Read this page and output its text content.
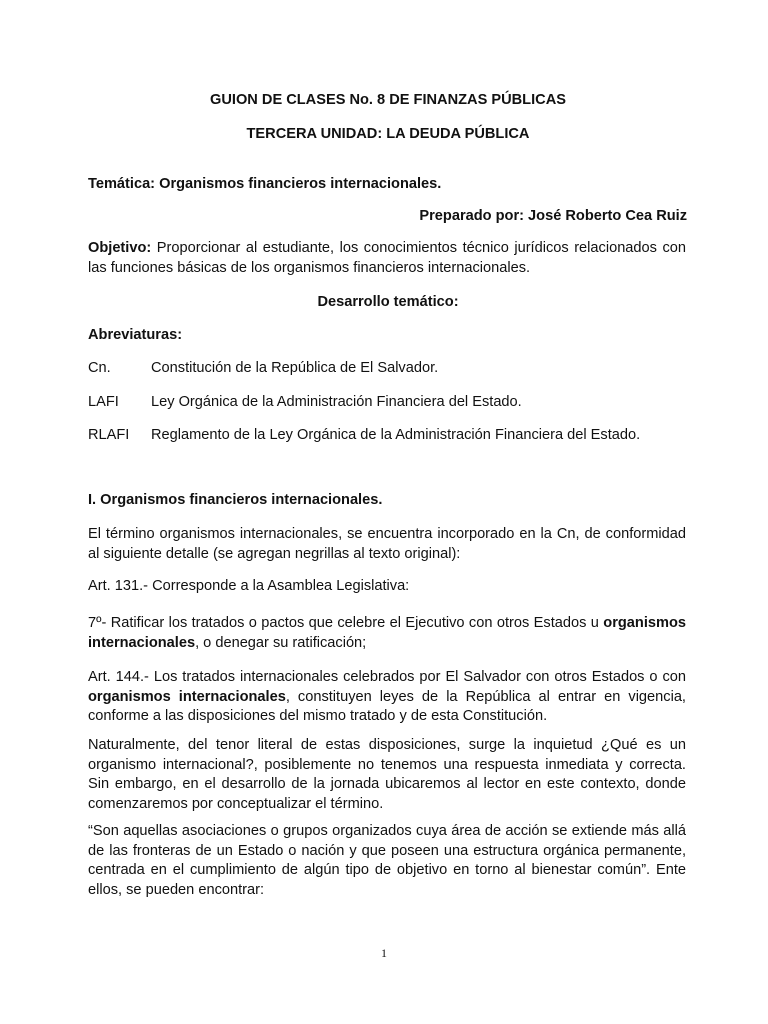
GUION DE CLASES No. 8 DE FINANZAS PÚBLICAS
TERCERA UNIDAD: LA DEUDA PÚBLICA
Temática: Organismos financieros internacionales.
Preparado por: José Roberto Cea Ruiz
Objetivo: Proporcionar al estudiante, los conocimientos técnico jurídicos relacionados con las funciones básicas de los organismos financieros internacionales.
Desarrollo temático:
Abreviaturas:
Cn.	Constitución de la República de El Salvador.
LAFI Ley Orgánica de la Administración Financiera del Estado.
RLAFI Reglamento de la Ley Orgánica de la Administración Financiera del Estado.
I. Organismos financieros internacionales.
El término organismos internacionales, se encuentra incorporado en la Cn, de conformidad al siguiente detalle (se agregan negrillas al texto original):
Art. 131.- Corresponde a la Asamblea Legislativa:
7º- Ratificar los tratados o pactos que celebre el Ejecutivo con otros Estados u organismos internacionales, o denegar su ratificación;
Art. 144.- Los tratados internacionales celebrados por El Salvador con otros Estados o con organismos internacionales, constituyen leyes de la República al entrar en vigencia, conforme a las disposiciones del mismo tratado y de esta Constitución.
Naturalmente, del tenor literal de estas disposiciones, surge la inquietud ¿Qué es un organismo internacional?, posiblemente no tenemos una respuesta inmediata y correcta. Sin embargo, en el desarrollo de la jornada ubicaremos al lector en este contexto, donde comenzaremos por conceptualizar el término.
“Son aquellas asociaciones o grupos organizados cuya área de acción se extiende más allá de las fronteras de un Estado o nación y que poseen una estructura orgánica permanente, centrada en el cumplimiento de algún tipo de objetivo en torno al bienestar común”. Ente ellos, se pueden encontrar:
1
